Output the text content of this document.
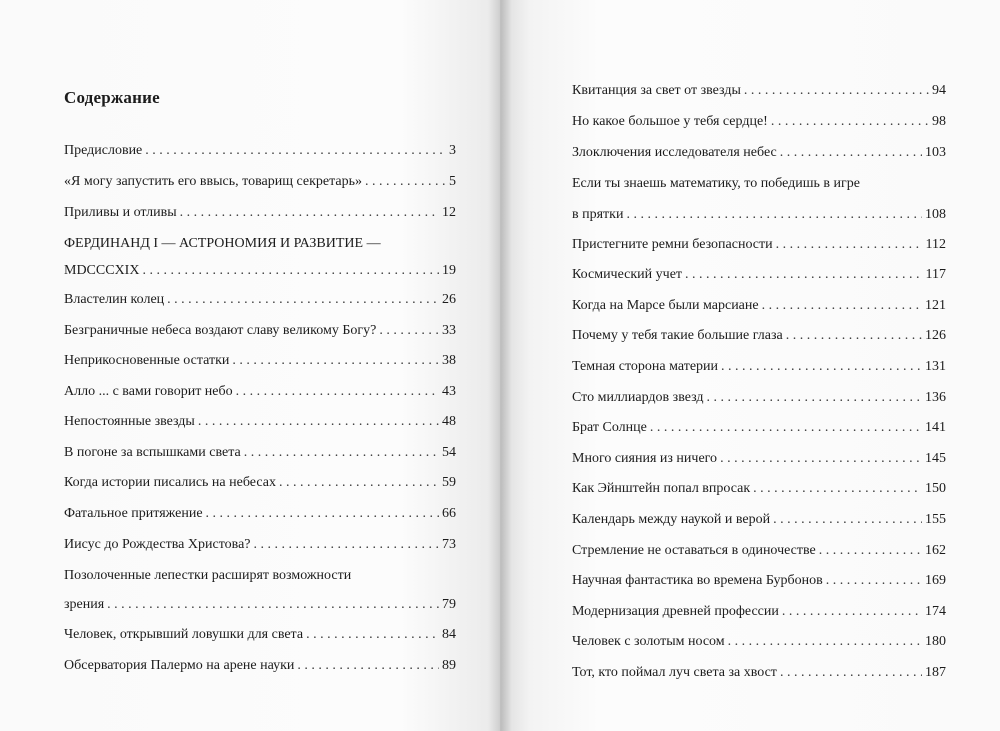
Содержание
Предисловие . . .	3
«Я могу запустить его ввысь, товарищ секретарь» . . .	5
Приливы и отливы . . .	12
ФЕРДИНАНД I — АСТРОНОМИЯ И РАЗВИТИЕ —
MDCCCXIX . . .	19
Властелин колец . . .	26
Безграничные небеса воздают славу великому Богу? . . .	33
Неприкосновенные остатки . . .	38
Алло ... с вами говорит небо . . .	43
Непостоянные звезды . . .	48
В погоне за вспышками света . . .	54
Когда истории писались на небесах . . .	59
Фатальное притяжение . . .	66
Иисус до Рождества Христова? . . .	73
Позолоченные лепестки расширят возможности
зрения . . .	79
Человек, открывший ловушки для света . . .	84
Обсерватория Палермо на арене науки . . .	89
Квитанция за свет от звезды . . .	94
Но какое большое у тебя сердце! . . .	98
Злоключения исследователя небес . . .	103
Если ты знаешь математику, то победишь в игре
в прятки . . .	108
Пристегните ремни безопасности . . .	112
Космический учет . . .	117
Когда на Марсе были марсиане . . .	121
Почему у тебя такие большие глаза . . .	126
Темная сторона материи . . .	131
Сто миллиардов звезд . . .	136
Брат Солнце . . .	141
Много сияния из ничего . . .	145
Как Эйнштейн попал впросак . . .	150
Календарь между наукой и верой . . .	155
Стремление не оставаться в одиночестве . . .	162
Научная фантастика во времена Бурбонов . . .	169
Модернизация древней профессии . . .	174
Человек с золотым носом . . .	180
Тот, кто поймал луч света за хвост . . .	187
